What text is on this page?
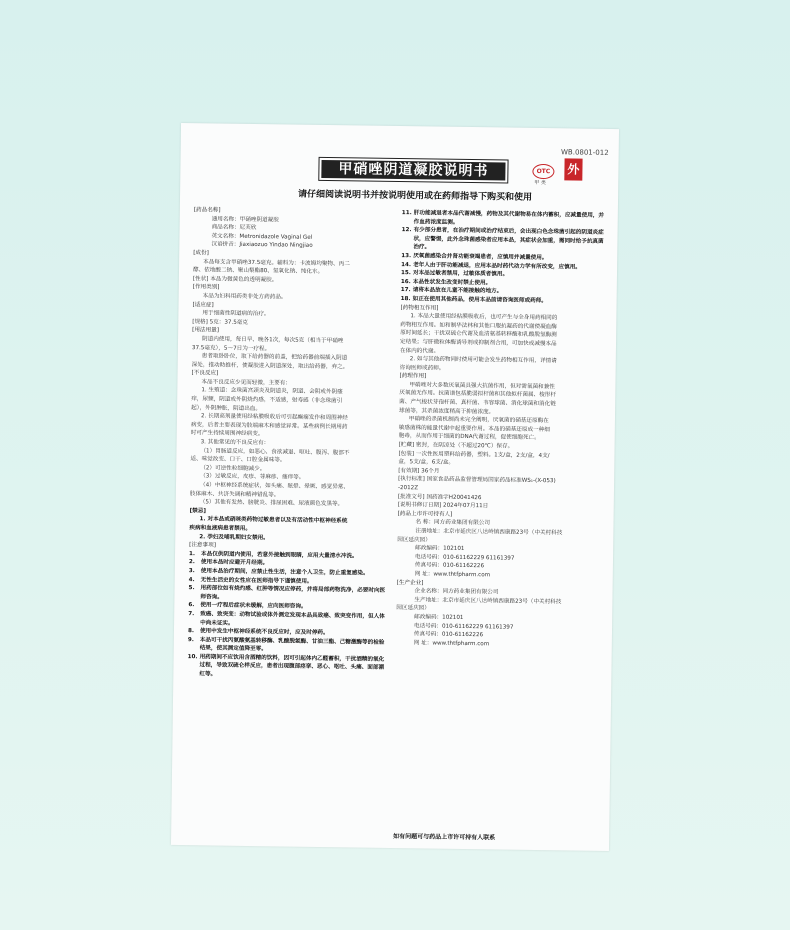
WB.0801-012
甲硝唑阴道凝胶说明书	OTC
甲 类
外
请仔细阅读说明书并按说明使用或在药师指导下购买和使用

[药品名称]

通用名称：甲硝唑阴道凝胶

商品名称：尼芙欣

英文名称：Metronidazole Vaginal Gel

汉语拼音：Jiaxiaozuo Yindao Ningjiao

[成份]

本品每支含甲硝唑37.5毫克。辅料为：卡波姆均聚物、丙二

醇、依地酸二钠、聚山梨酯80、氢氧化钠、纯化水。

[性状] 本品为微黄色的透明凝胶。

[作用类别]

本品为妇科用药类非处方药药品。

[适应症]

用于细菌性阴道病的治疗。

[规格] 5克：37.5毫克

[用法用量]

阴道内使用，每日早、晚各1次，每次5克（相当于甲硝唑

37.5毫克），5～7日为一疗程。

患者取卧卧位，取下给药器的前盖，把给药器前端插入阴道

深处，推动助推杆，使凝胶进入阴道深处，取出给药器，弃之。

[不良反应]

本品不良反应少见而轻微，主要有：

1. 生殖道：念珠菌宫颈炎及阴道炎，阴道、会阴或外阴瘙

痒，尿频，阴道或外阴烧灼感，不适感，射寿感（非念珠菌引

起），外阴肿胀，阴道出血。

2. 长期高剂量使用经粘膜吸收后可引起癫痫发作和周围神经

病变，后者主要表现为肢端麻木和感觉异常。某些病例长期用药

时可产生持续周围神经病变。

3. 其他常见的不良反应有：

（1）胃肠道反应，如恶心、食欲减退、呕吐、腹泻、腹部不

适、味觉改变、口干、口腔金属味等。

（2）可逆性粒细胞减少。

（3）过敏反应，皮疹、荨麻疹、瘙痒等。

（4）中枢神经系统症状，如头痛、眩晕、晕厥、感觉异常、

肢体麻木、共济失调和精神错乱等。

（5）其他有发热、膀胱炎、排尿困难、尿液颜色发黑等。

[禁忌]

1. 对本品或硝咪类药物过敏患者以及有活动性中枢神经系统

疾病和血液病患者禁用。

2. 孕妇及哺乳期妇女禁用。

[注意事项]

1.	本品仅供阴道内使用，若意外接触到眼睛，应用大量清水冲洗。
2.	使用本品时应避开月经期。
3.	使用本品治疗期间，应禁止性生活，注意个人卫生，防止重复感染。
4.	无性生活史的女性应在医师指导下谨慎使用。
5.	用药部位如有烧灼感、红肿等情况应停药，并将局部药物洗净，必要时向医师咨询。
6.	使用一疗程后症状未缓解，应向医师咨询。
7.	致癌、致突变：动物试验或体外测定发现本品具致癌、致突变作用，但人体中尚未证实。
8.	使用中发生中枢神经系统不良反应时，应及时停药。
9.	本品可干扰丙氨酸氨基转移酶、乳酸脱氢酶、甘油三酯、己糖激酶等的检验结果，使其测定值降至零。
10. 用药期间不应饮用含酒精的饮料，因可引起体内乙醛蓄积，干扰酒精的氧化过程，导致双硫仑样反应，患者出现腹部痉挛、恶心、呕吐、头痛、面部潮红等。
11. 肝功能减退者本品代谢减慢，药物及其代谢物易在体内蓄积，应减量使用，并作血药浓度监测。
12. 有少部分患者，在治疗期间或治疗结束后，会出现白色念珠菌引起的阴道炎症状，应警惕，此外念珠菌感染者应用本品，其症状会加重，需同时给予抗真菌治疗。
13. 厌氧菌感染合并肾功能衰竭患者，应慎用并减量使用。
14. 老年人由于肝功能减退，应用本品时药代动力学有所改变，应慎用。
15. 对本品过敏者禁用，过敏体质者慎用。
16. 本品性状发生改变时禁止使用。
17. 请将本品放在儿童不能接触的地方。
18. 如正在使用其他药品，使用本品前请咨询医师或药师。

[药物相互作用]

1. 本品大量使用经粘膜吸收后，也可产生与全身用药相同的

药物相互作用。如和制华法林和其他口服抗凝药的代谢使凝血酶

原时间延长；干扰双硫仑代谢及血清氨基转移酶和乳酸脱氢酶测

定结果；与肝微粒体酶诱导剂或抑制剂合用，可加快或减慢本品

在体内的代谢。

2. 如与其他药物同时使用可能会发生药物相互作用，详情请

咨询医师或药师。

[药理作用]

甲硝唑对大多数厌氧菌具强大抗菌作用，但对需氧菌和兼性

厌氧菌无作用。抗菌谱包括脆弱拟杆菌和其他拟杆菌属、梭形杆

菌、产气梭状芽孢杆菌、真杆菌、韦容球菌、消化球菌和消化链

球菌等，其杀菌浓度稍高于抑菌浓度。

甲硝唑的杀菌机制尚未完全阐明，厌氧菌的硝基还原酶在

敏感菌株的能量代谢中起重要作用。本品的硝基还原成一种细

胞毒，从而作用于细菌的DNA代谢过程，促使细胞死亡。

[贮藏] 密封，在阴凉处（不超过20℃）保存。

[包装] 一次性医用塑料给药器，塑料。1支/盒，2支/盒，4支/

盒，5支/盒，6支/盒。

[有效期] 36个月

[执行标准] 国家食品药品监督管理局国家药品标准WS₁-(X-053)

-2012Z

[批准文号] 国药准字H20041426

[说明书修订日期] 2024年07月11日

[药品上市许可持有人]

名 称：同方药业集团有限公司

注册地址：北京市延庆区八达岭镇西康路23号（中关村科技

园区延庆园）

邮政编码：102101

电话号码：010-61162229 61161397

传真号码：010-61162226

网 址：www.thtfpharm.com

[生产企业]

企业名称：同方药业集团有限公司

生产地址：北京市延庆区八达岭镇西康路23号（中关村科技

园区延庆园）

邮政编码：102101

电话号码：010-61162229 61161397

传真号码：010-61162226

网 址：www.thtfpharm.com

如有问题可与药品上市许可持有人联系
